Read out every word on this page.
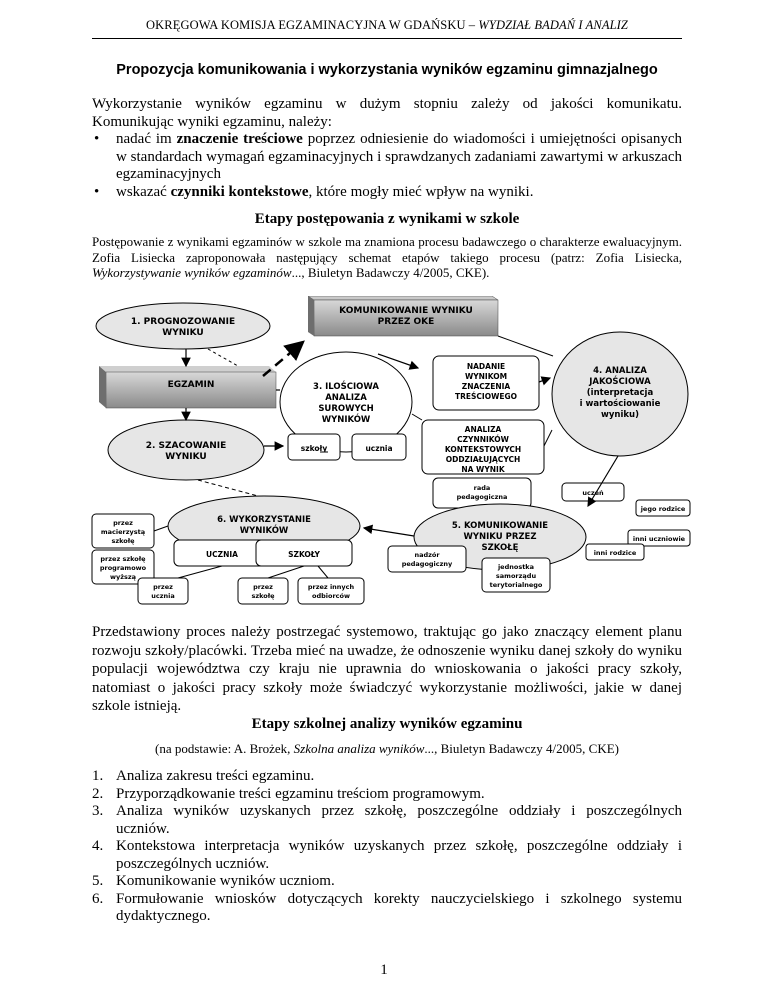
OKRĘGOWA KOMISJA EGZAMINACYJNA W GDAŃSKU – WYDZIAŁ BADAŃ I ANALIZ
Propozycja komunikowania i wykorzystania wyników egzaminu gimnazjalnego

Wykorzystanie wyników egzaminu w dużym stopniu zależy od jakości komunikatu. Komunikując wyniki egzaminu, należy:

• nadać im znaczenie treściowe poprzez odniesienie do wiadomości i umiejętności opisanych w standardach wymagań egzaminacyjnych i sprawdzanych zadaniami zawartymi w arkuszach egzaminacyjnych
• wskazać czynniki kontekstowe, które mogły mieć wpływ na wyniki.
Etapy postępowania z wynikami w szkole
Postępowanie z wynikami egzaminów w szkole ma znamiona procesu badawczego o charakterze ewaluacyjnym. Zofia Lisiecka zaproponowała następujący schemat etapów takiego procesu (patrz: Zofia Lisiecka, Wykorzystywanie wyników egzaminów..., Biuletyn Badawczy 4/2005, CKE).
KOMUNIKOWANIE WYNIKU
PRZEZ OKE
1. PROGNOZOWANIE
WYNIKU
EGZAMIN
2. SZACOWANIE
WYNIKU
3. ILOŚCIOWA
ANALIZA
SUROWYCH
WYNIKÓW
szkoły	ucznia
NADANIE
WYNIKOM
ZNACZENIA
TREŚCIOWEGO
ANALIZA
CZYNNIKÓW
KONTEKSTOWYCH
ODDZIAŁUJĄCYCH
NA WYNIK
4. ANALIZA
JAKOŚCIOWA
(interpretacja
i wartościowanie
wyniku)
rada
pedagogiczna	uczeń
jego rodzice
5. KOMUNIKOWANIE
WYNIKU PRZEZ
SZKOŁĘ
inni uczniowie
inni rodzice
nadzór
pedagogiczny	jednostka
samorządu
terytorialnego
6. WYKORZYSTANIE
WYNIKÓW
przez
macierzystą
szkołę
przez szkołę
programowo
wyższą
UCZNIA	SZKOŁY
przez
ucznia
przez
szkołę
przez innych
odbiorców
Przedstawiony proces należy postrzegać systemowo, traktując go jako znaczący element planu rozwoju szkoły/placówki. Trzeba mieć na uwadze, że odnoszenie wyniku danej szkoły do wyniku populacji województwa czy kraju nie uprawnia do wnioskowania o jakości pracy szkoły, natomiast o jakości pracy szkoły może świadczyć wykorzystanie możliwości, jakie w danej szkole istnieją.
Etapy szkolnej analizy wyników egzaminu
(na podstawie: A. Brożek, Szkolna analiza wyników..., Biuletyn Badawczy 4/2005, CKE)
1. Analiza zakresu treści egzaminu.
2. Przyporządkowanie treści egzaminu treściom programowym.
3. Analiza wyników uzyskanych przez szkołę, poszczególne oddziały i poszczególnych uczniów.
4. Kontekstowa interpretacja wyników uzyskanych przez szkołę, poszczególne oddziały i poszczególnych uczniów.
5. Komunikowanie wyników uczniom.
6. Formułowanie wniosków dotyczących korekty nauczycielskiego i szkolnego systemu dydaktycznego.
1
